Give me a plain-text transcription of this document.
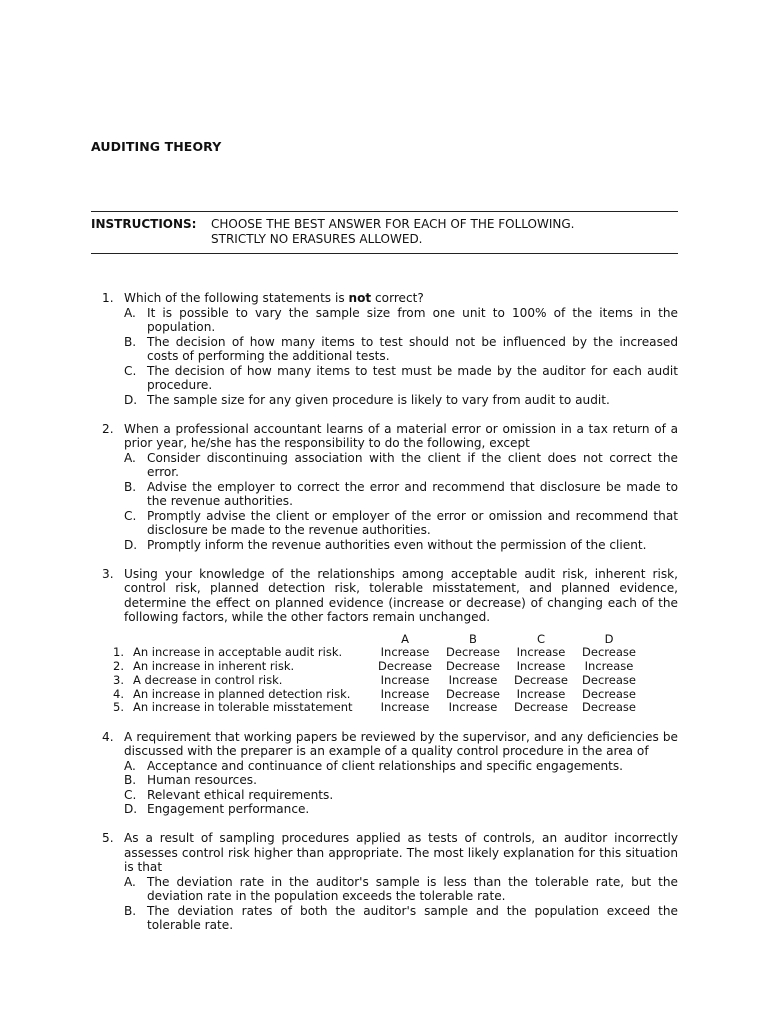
AUDITING THEORY
INSTRUCTIONS: CHOOSE THE BEST ANSWER FOR EACH OF THE FOLLOWING.
STRICTLY NO ERASURES ALLOWED.
1. Which of the following statements is not correct?
A. It is possible to vary the sample size from one unit to 100% of the items in the population.
B. The decision of how many items to test should not be influenced by the increased costs of performing the additional tests.
C. The decision of how many items to test must be made by the auditor for each audit procedure.
D. The sample size for any given procedure is likely to vary from audit to audit.
2. When a professional accountant learns of a material error or omission in a tax return of a prior year, he/she has the responsibility to do the following, except
A. Consider discontinuing association with the client if the client does not correct the error.
B. Advise the employer to correct the error and recommend that disclosure be made to the revenue authorities.
C. Promptly advise the client or employer of the error or omission and recommend that disclosure be made to the revenue authorities.
D. Promptly inform the revenue authorities even without the permission of the client.
3. Using your knowledge of the relationships among acceptable audit risk, inherent risk, control risk, planned detection risk, tolerable misstatement, and planned evidence, determine the effect on planned evidence (increase or decrease) of changing each of the following factors, while the other factors remain unchanged.
		A	B	C	D
1.	An increase in acceptable audit risk.	Increase	Decrease	Increase	Decrease
2.	An increase in inherent risk.	Decrease	Decrease	Increase	Increase
3.	A decrease in control risk.	Increase	Increase	Decrease	Decrease
4.	An increase in planned detection risk.	Increase	Decrease	Increase	Decrease
5.	An increase in tolerable misstatement	Increase	Increase	Decrease	Decrease
4. A requirement that working papers be reviewed by the supervisor, and any deficiencies be discussed with the preparer is an example of a quality control procedure in the area of
A. Acceptance and continuance of client relationships and specific engagements.
B. Human resources.
C. Relevant ethical requirements.
D. Engagement performance.
5. As a result of sampling procedures applied as tests of controls, an auditor incorrectly assesses control risk higher than appropriate. The most likely explanation for this situation is that
A. The deviation rate in the auditor's sample is less than the tolerable rate, but the deviation rate in the population exceeds the tolerable rate.
B. The deviation rates of both the auditor's sample and the population exceed the tolerable rate.
